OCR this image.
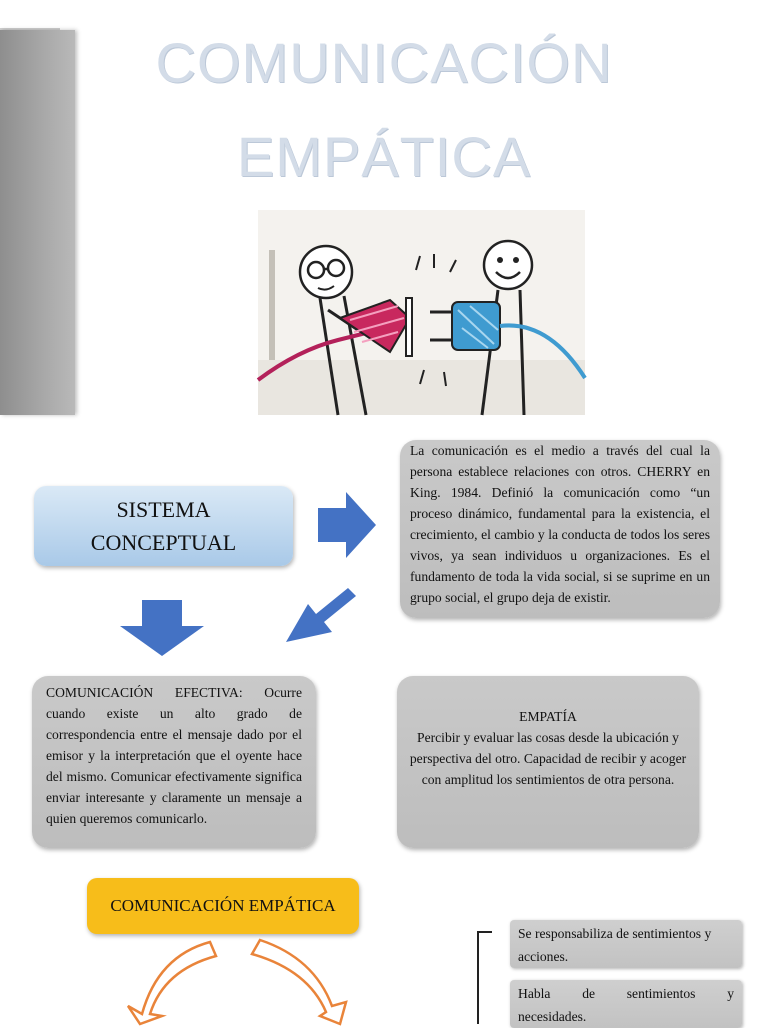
COMUNICACIÓN
EMPÁTICA
SISTEMA
CONCEPTUAL

La comunicación es el medio a través del cual la persona establece relaciones con otros. CHERRY en King. 1984. Definió la comunicación como “un proceso dinámico, fundamental para la existencia, el crecimiento, el cambio y la conducta de todos los seres vivos, ya sean individuos u organizaciones. Es el fundamento de toda la vida social, si se suprime en un grupo social, el grupo deja de existir.

COMUNICACIÓN EFECTIVA: Ocurre cuando existe un alto grado de correspondencia entre el mensaje dado por el emisor y la interpretación que el oyente hace del mismo. Comunicar efectivamente significa enviar interesante y claramente un mensaje a quien queremos comunicarlo.

EMPATÍA

Percibir y evaluar las cosas desde la ubicación y perspectiva del otro. Capacidad de recibir y acoger con amplitud los sentimientos de otra persona.

COMUNICACIÓN EMPÁTICA
Se responsabiliza de sentimientos y
acciones.
Habla de sentimientos y
necesidades.
